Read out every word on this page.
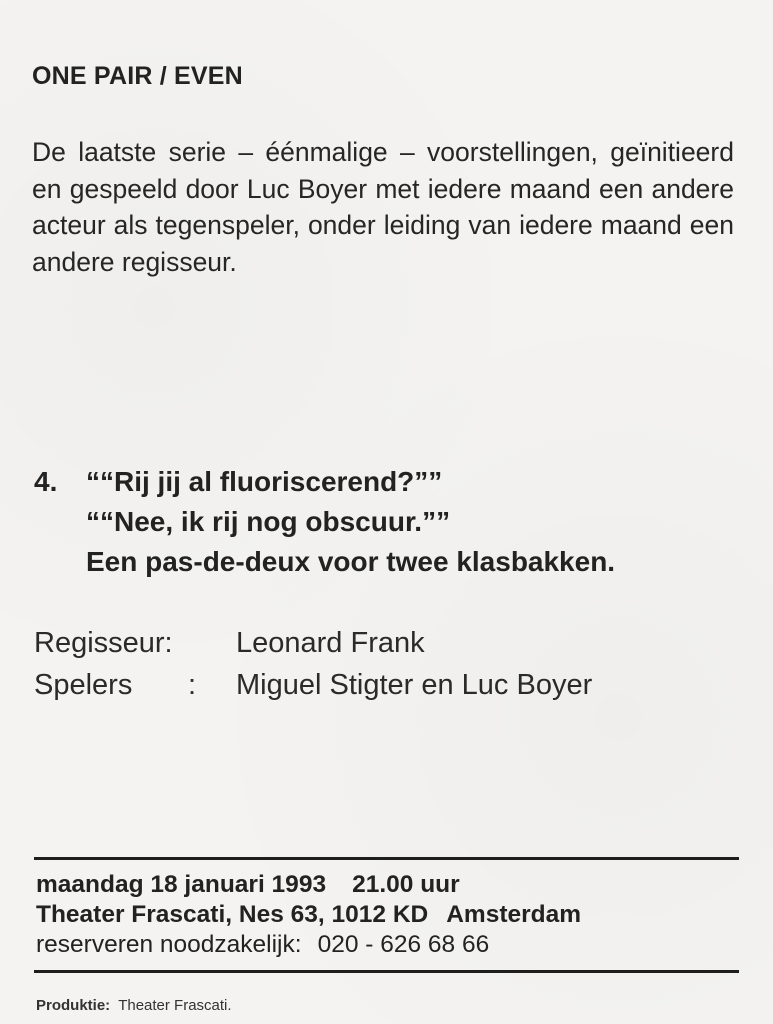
ONE PAIR / EVEN
De laatste serie – éénmalige – voorstellingen, geïnitieerd en gespeeld door Luc Boyer met iedere maand een andere acteur als tegenspeler, onder leiding van iedere maand een andere regisseur.
4.	““Rij jij al fluoriscerend?””
““Nee, ik rij nog obscuur.””
Een pas-de-deux voor twee klasbakken.
Regisseur: Leonard Frank
Spelers : Miguel Stigter en Luc Boyer
maandag 18 januari 1993 21.00 uur
Theater Frascati, Nes 63, 1012 KD Amsterdam
reserveren noodzakelijk: 020 - 626 68 66
Produktie: Theater Frascati.
